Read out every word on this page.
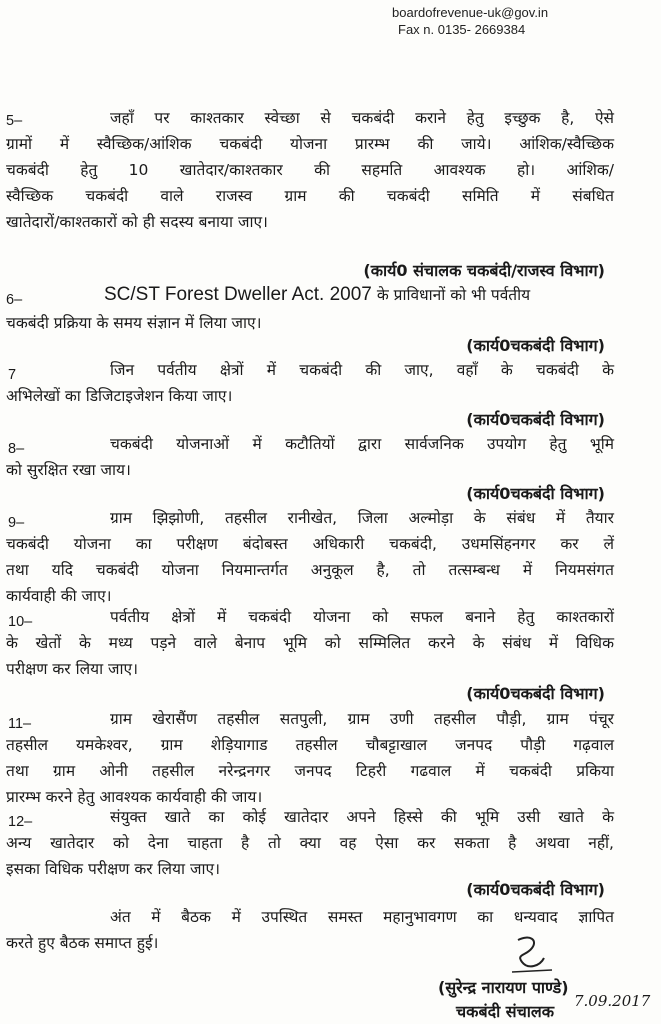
boardofrevenue-uk@gov.in
Fax n. 0135- 2669384
5–	जहाँ पर काश्तकार स्वेच्छा से चकबंदी कराने हेतु इच्छुक है, ऐसे
ग्रामों में स्वैच्छिक/आंशिक चकबंदी योजना प्रारम्भ की जाये। आंशिक/स्वैच्छिक
चकबंदी हेतु 10 खातेदार/काश्तकार की सहमति आवश्यक हो। आंशिक/
स्वैच्छिक चकबंदी वाले राजस्व ग्राम की चकबंदी समिति में संबधित
खातेदारों/काश्तकारों को ही सदस्य बनाया जाए।
(कार्य0 संचालक चकबंदी/राजस्व विभाग)
6–	SC/ST Forest Dweller Act. 2007 के प्राविधानों को भी पर्वतीय
चकबंदी प्रक्रिया के समय संज्ञान में लिया जाए।
(कार्य0चकबंदी विभाग)
7	जिन पर्वतीय क्षेत्रों में चकबंदी की जाए, वहाँ के चकबंदी के
अभिलेखों का डिजिटाइजेशन किया जाए।
(कार्य0चकबंदी विभाग)
8–	चकबंदी योजनाओं में कटौतियों द्वारा सार्वजनिक उपयोग हेतु भूमि
को सुरक्षित रखा जाय।
(कार्य0चकबंदी विभाग)
9–	ग्राम झिझोणी, तहसील रानीखेत, जिला अल्मोड़ा के संबंध में तैयार
चकबंदी योजना का परीक्षण बंदोबस्त अधिकारी चकबंदी, उधमसिंहनगर कर लें
तथा यदि चकबंदी योजना नियमान्तर्गत अनुकूल है, तो तत्सम्बन्ध में नियमसंगत
कार्यवाही की जाए।
10–	पर्वतीय क्षेत्रों में चकबंदी योजना को सफल बनाने हेतु काश्तकारों
के खेतों के मध्य पड़ने वाले बेनाप भूमि को सम्मिलित करने के संबंध में विधिक
परीक्षण कर लिया जाए।
(कार्य0चकबंदी विभाग)
11–	ग्राम खेरासैंण तहसील सतपुली, ग्राम उणी तहसील पौड़ी, ग्राम पंचूर
तहसील यमकेश्वर, ग्राम शेड़ियागाड तहसील चौबट्टाखाल जनपद पौड़ी गढ़वाल
तथा ग्राम ओनी तहसील नरेन्द्रनगर जनपद टिहरी गढवाल में चकबंदी प्रकिया
प्रारम्भ करने हेतु आवश्यक कार्यवाही की जाय।
12–	संयुक्त खाते का कोई खातेदार अपने हिस्से की भूमि उसी खाते के
अन्य खातेदार को देना चाहता है तो क्या वह ऐसा कर सकता है अथवा नहीं,
इसका विधिक परीक्षण कर लिया जाए।
(कार्य0चकबंदी विभाग)
अंत में बैठक में उपस्थित समस्त महानुभावगण का धन्यवाद ज्ञापित
करते हुए बैठक समाप्त हुई।
(सुरेन्द्र नारायण पाण्डे)
चकबंदी संचालक
7.09.2017
